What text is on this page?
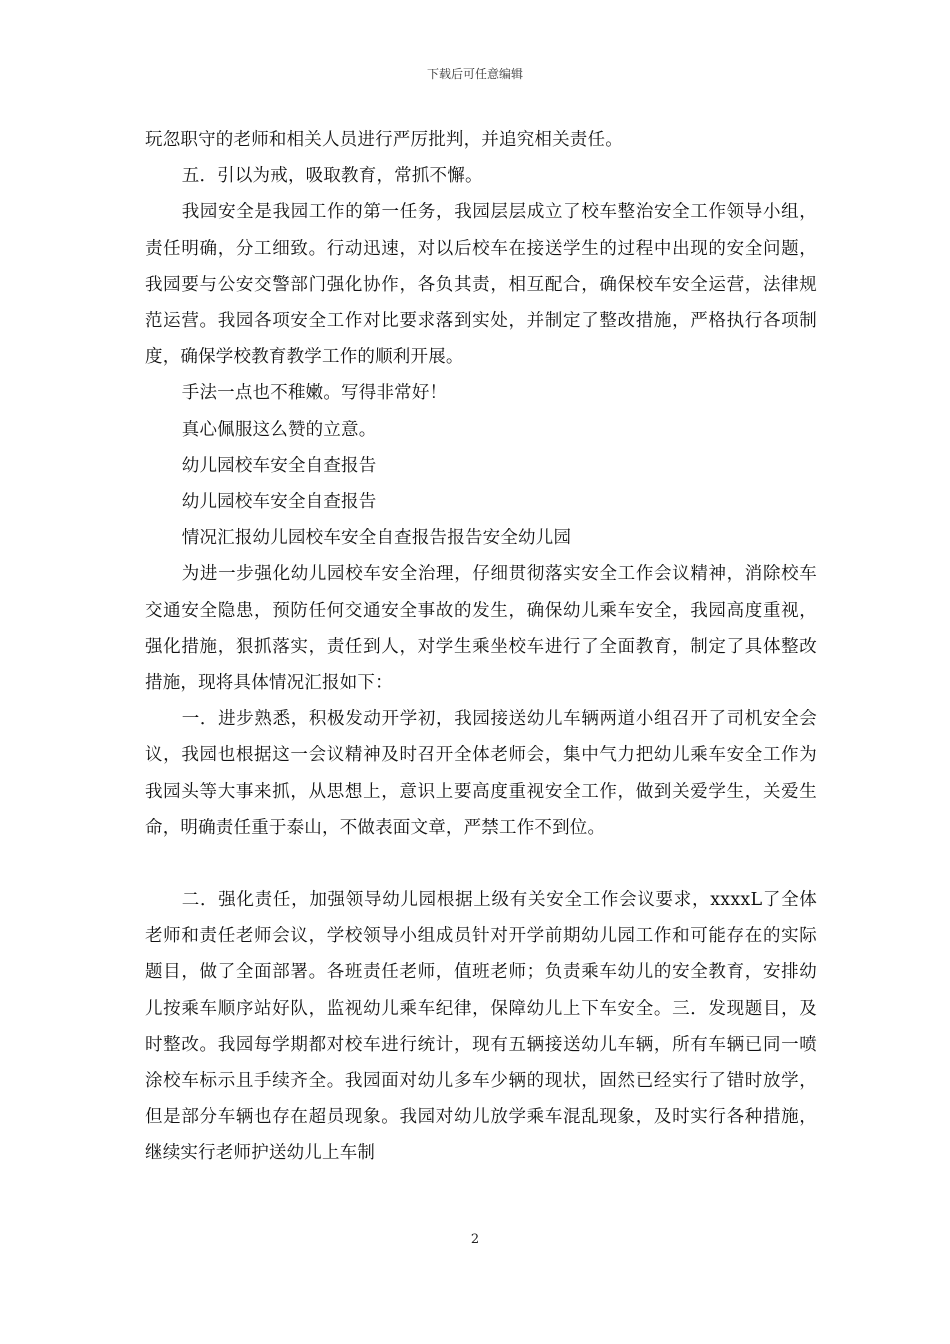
下载后可任意编辑

玩忽职守的老师和相关人员进行严厉批判，并追究相关责任。

五．引以为戒，吸取教育，常抓不懈。

我园安全是我园工作的第一任务，我园层层成立了校车整治安全工作领导小组，责任明确，分工细致。行动迅速，对以后校车在接送学生的过程中出现的安全问题，我园要与公安交警部门强化协作，各负其责，相互配合，确保校车安全运营，法律规范运营。我园各项安全工作对比要求落到实处，并制定了整改措施，严格执行各项制度，确保学校教育教学工作的顺利开展。

手法一点也不稚嫩。写得非常好！

真心佩服这么赞的立意。

幼儿园校车安全自查报告

幼儿园校车安全自查报告

情况汇报幼儿园校车安全自查报告报告安全幼儿园

为进一步强化幼儿园校车安全治理，仔细贯彻落实安全工作会议精神，消除校车交通安全隐患，预防任何交通安全事故的发生，确保幼儿乘车安全，我园高度重视，强化措施，狠抓落实，责任到人，对学生乘坐校车进行了全面教育，制定了具体整改措施，现将具体情况汇报如下：

一．进步熟悉，积极发动开学初，我园接送幼儿车辆两道小组召开了司机安全会议，我园也根据这一会议精神及时召开全体老师会，集中气力把幼儿乘车安全工作为我园头等大事来抓，从思想上，意识上要高度重视安全工作，做到关爱学生，关爱生命，明确责任重于泰山，不做表面文章，严禁工作不到位。

二．强化责任，加强领导幼儿园根据上级有关安全工作会议要求，xxxxL了全体老师和责任老师会议，学校领导小组成员针对开学前期幼儿园工作和可能存在的实际题目，做了全面部署。各班责任老师，值班老师；负责乘车幼儿的安全教育，安排幼儿按乘车顺序站好队，监视幼儿乘车纪律，保障幼儿上下车安全。三．发现题目，及时整改。我园每学期都对校车进行统计，现有五辆接送幼儿车辆，所有车辆已同一喷涂校车标示且手续齐全。我园面对幼儿多车少辆的现状，固然已经实行了错时放学，但是部分车辆也存在超员现象。我园对幼儿放学乘车混乱现象，及时实行各种措施，继续实行老师护送幼儿上车制

2
